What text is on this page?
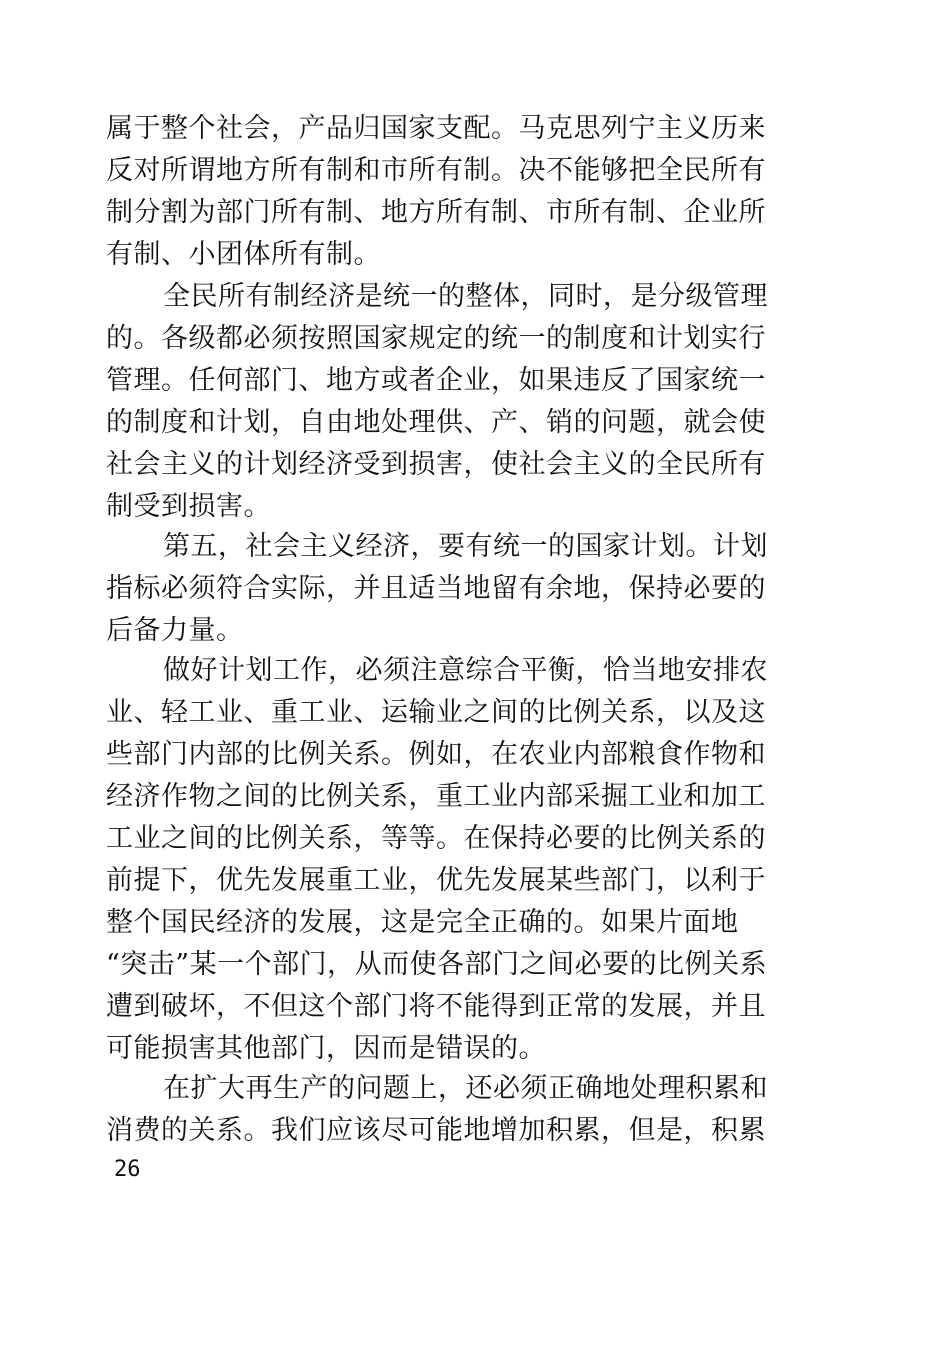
属于整个社会，产品归国家支配。马克思列宁主义历来
反对所谓地方所有制和市所有制。决不能够把全民所有
制分割为部门所有制、地方所有制、市所有制、企业所
有制、小团体所有制。
全民所有制经济是统一的整体，同时，是分级管理
的。各级都必须按照国家规定的统一的制度和计划实行
管理。任何部门、地方或者企业，如果违反了国家统一
的制度和计划，自由地处理供、产、销的问题，就会使
社会主义的计划经济受到损害，使社会主义的全民所有
制受到损害。
第五，社会主义经济，要有统一的国家计划。计划
指标必须符合实际，并且适当地留有余地，保持必要的
后备力量。
做好计划工作，必须注意综合平衡，恰当地安排农
业、轻工业、重工业、运输业之间的比例关系，以及这
些部门内部的比例关系。例如，在农业内部粮食作物和
经济作物之间的比例关系，重工业内部采掘工业和加工
工业之间的比例关系，等等。在保持必要的比例关系的
前提下，优先发展重工业，优先发展某些部门，以利于
整个国民经济的发展，这是完全正确的。如果片面地
“突击”某一个部门，从而使各部门之间必要的比例关系
遭到破坏，不但这个部门将不能得到正常的发展，并且
可能损害其他部门，因而是错误的。
在扩大再生产的问题上，还必须正确地处理积累和
消费的关系。我们应该尽可能地增加积累，但是，积累
26
